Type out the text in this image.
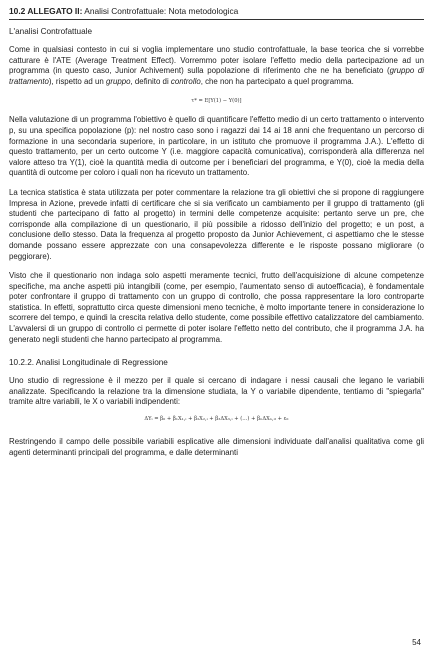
10.2 ALLEGATO II: Analisi Controfattuale: Nota metodologica
L'analisi Controfattuale

Come in qualsiasi contesto in cui si voglia implementare uno studio controfattuale, la base teorica che si vorrebbe catturare è l'ATE (Average Treatment Effect). Vorremmo poter isolare l'effetto medio della partecipazione ad un programma (in questo caso, Junior Achivement) sulla popolazione di riferimento che ne ha beneficiato (gruppo di trattamento), rispetto ad un gruppo, definito di controllo, che non ha partecipato a quel programma.

τ* = E[Y(1) − Y(0)]

Nella valutazione di un programma l'obiettivo è quello di quantificare l'effetto medio di un certo trattamento o intervento p, su una specifica popolazione (p): nel nostro caso sono i ragazzi dai 14 ai 18 anni che frequentano un percorso di formazione in una secondaria superiore, in particolare, in un istituto che promuove il programma J.A.). L'effetto di questo trattamento, per un certo outcome Y (i.e. maggiore capacità comunicativa), corrisponderà alla differenza nel valore atteso tra Y(1), cioè la quantità media di outcome per i beneficiari del programma, e Y(0), cioè la media della quantità di outcome per coloro i quali non ha ricevuto un trattamento.

La tecnica statistica è stata utilizzata per poter commentare la relazione tra gli obiettivi che si propone di raggiungere Impresa in Azione, prevede infatti di certificare che si sia verificato un cambiamento per il gruppo di trattamento (gli studenti che partecipano di fatto al progetto) in termini delle competenze acquisite: pertanto serve un pre, che corrisponde alla compilazione di un questionario, il più possibile a ridosso dell'inizio del progetto; e un post, a conclusione dello stesso. Data la frequenza al progetto proposto da Junior Achievement, ci aspettiamo che le stesse domande possano essere apprezzate con una consapevolezza differente e le risposte possano migliorare (o peggiorare).

Visto che il questionario non indaga solo aspetti meramente tecnici, frutto dell'acquisizione di alcune competenze specifiche, ma anche aspetti più intangibili (come, per esempio, l'aumentato senso di autoefficacia), è fondamentale poter confrontare il gruppo di trattamento con un gruppo di controllo, che possa rappresentare la loro controparte statistica. In effetti, soprattutto circa queste dimensioni meno tecniche, è molto importante tenere in considerazione lo scorrere del tempo, e quindi la crescita relativa dello studente, come possibile effettivo catalizzatore del cambiamento. L'avvalersi di un gruppo di controllo ci permette di poter isolare l'effetto netto del contributo, che il programma J.A. ha generato negli studenti che hanno partecipato al programma.

10.2.2. Analisi Longitudinale di Regressione

Uno studio di regressione è il mezzo per il quale si cercano di indagare i nessi causali che legano le variabili analizzate. Specificando la relazione tra la dimensione studiata, la Y o variabile dipendente, tentiamo di "spiegarla" tramite altre variabili, le X o variabili indipendenti:

ΔYᵢ = β₀ + β₁X₁,ᵢ + β₂X₂,ᵢ + β₃ΔX₃,ᵢ + (…) + βₙΔXₙ,ᵢₜ + εᵢₜ

Restringendo il campo delle possibile variabili esplicative alle dimensioni individuate dall'analisi qualitativa come gli agenti determinanti principali del programma, e dalle determinanti

54
